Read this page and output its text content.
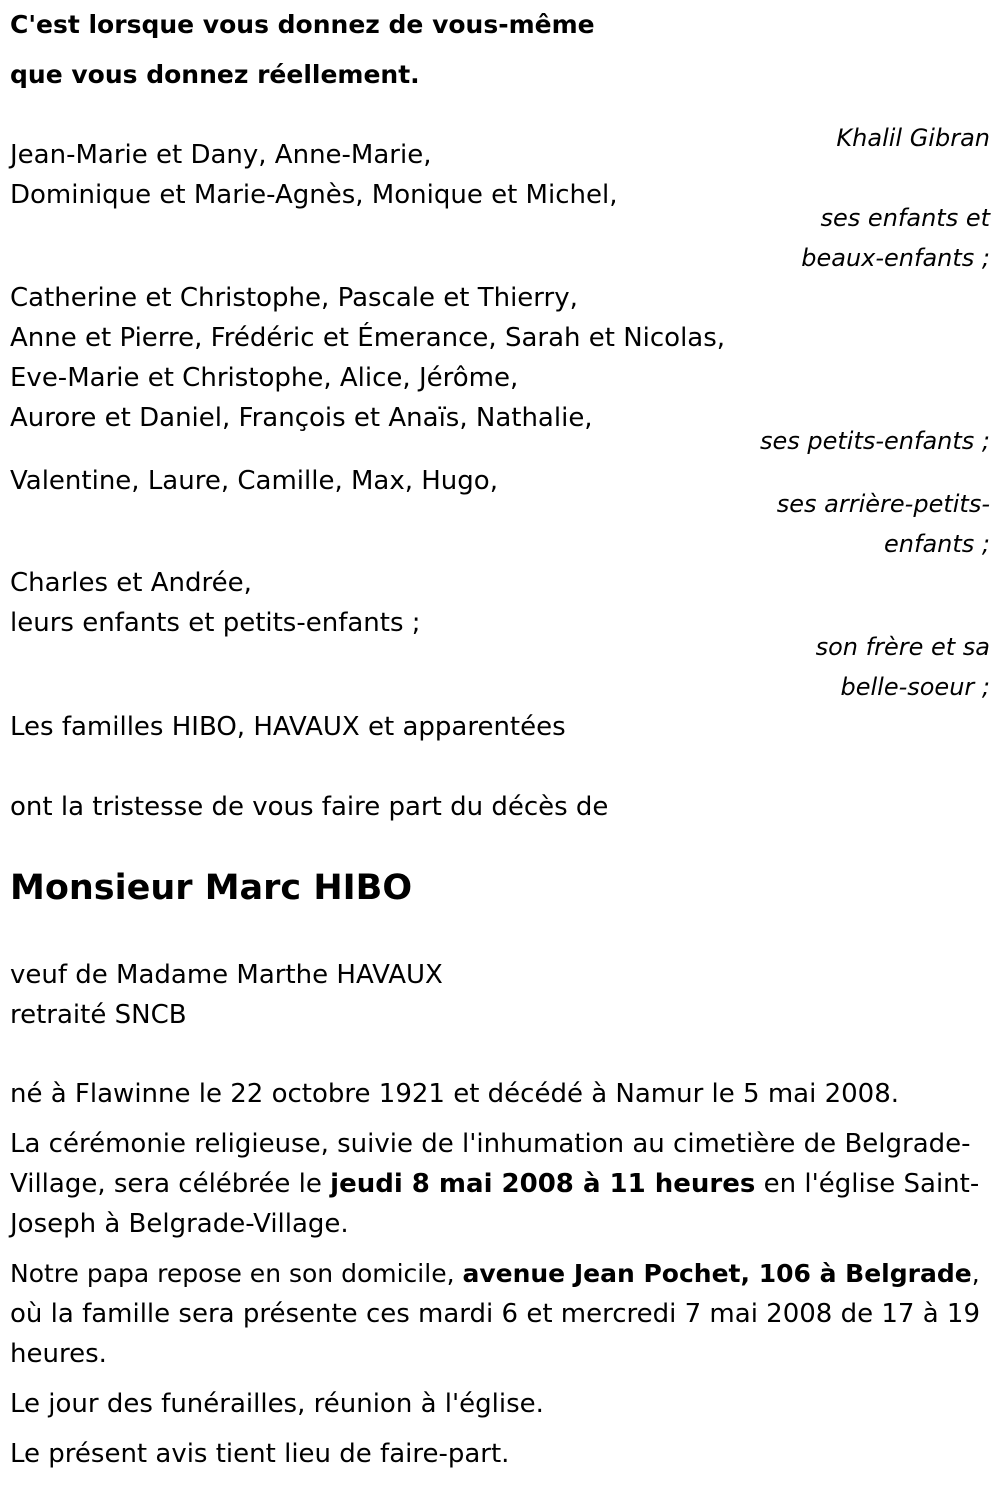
C'est lorsque vous donnez de vous-même
que vous donnez réellement.
Khalil Gibran
Jean-Marie et Dany, Anne-Marie,
Dominique et Marie-Agnès, Monique et Michel,
ses enfants et
beaux-enfants ;
Catherine et Christophe, Pascale et Thierry,
Anne et Pierre, Frédéric et Émerance, Sarah et Nicolas,
Eve-Marie et Christophe, Alice, Jérôme,
Aurore et Daniel, François et Anaïs, Nathalie,
ses petits-enfants ;
Valentine, Laure, Camille, Max, Hugo,
ses arrière-petits-
enfants ;
Charles et Andrée,
leurs enfants et petits-enfants ;
son frère et sa
belle-soeur ;
Les familles HIBO, HAVAUX et apparentées
ont la tristesse de vous faire part du décès de
Monsieur Marc HIBO
veuf de Madame Marthe HAVAUX
retraité SNCB
né à Flawinne le 22 octobre 1921 et décédé à Namur le 5 mai 2008.
La cérémonie religieuse, suivie de l'inhumation au cimetière de Belgrade-
Village, sera célébrée le jeudi 8 mai 2008 à 11 heures en l'église Saint-
Joseph à Belgrade-Village.
Notre papa repose en son domicile, avenue Jean Pochet, 106 à Belgrade,
où la famille sera présente ces mardi 6 et mercredi 7 mai 2008 de 17 à 19
heures.
Le jour des funérailles, réunion à l'église.
Le présent avis tient lieu de faire-part.
